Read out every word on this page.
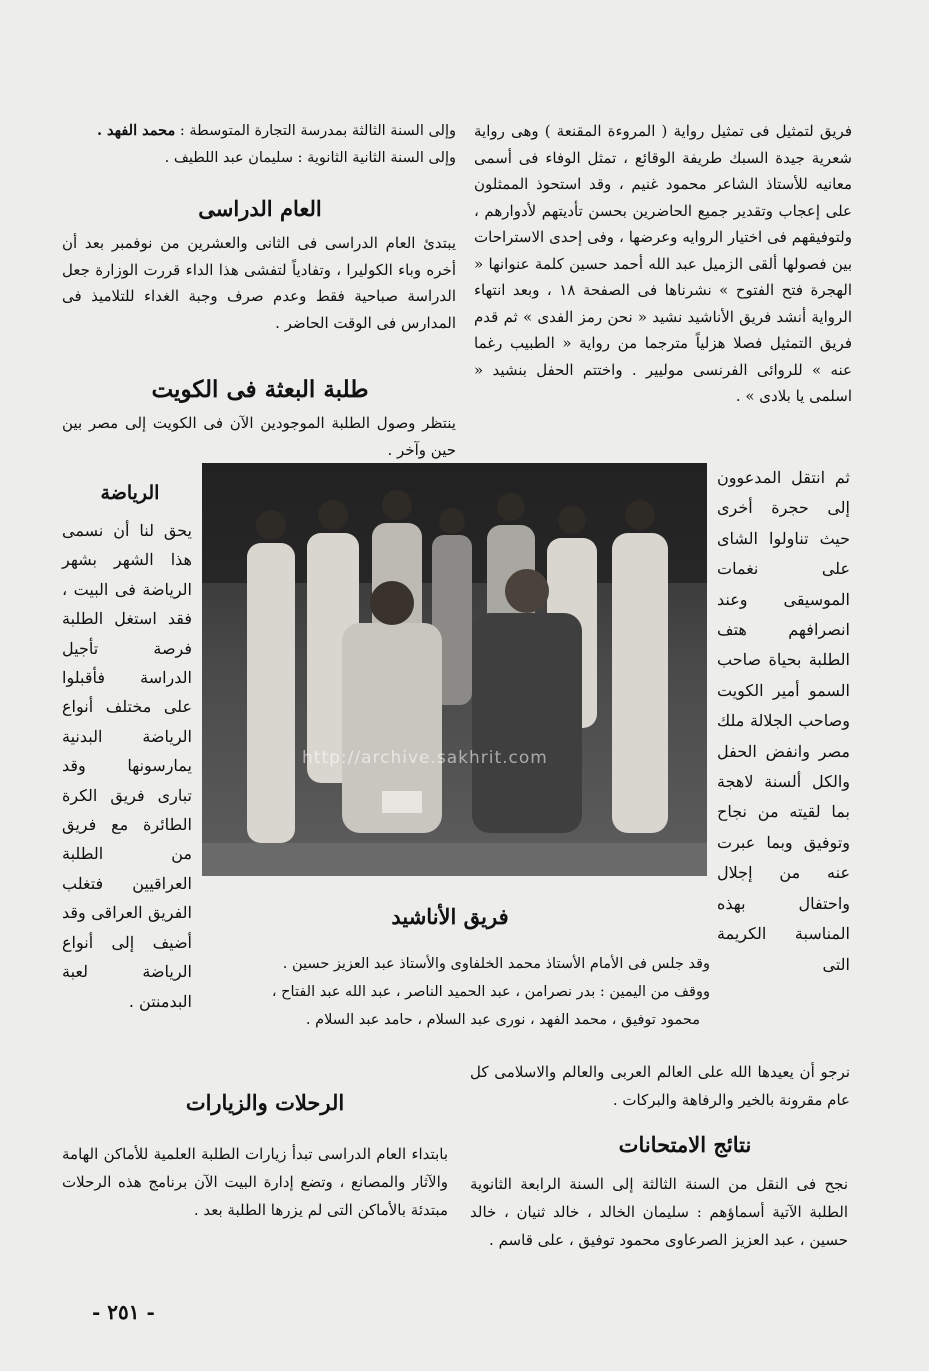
فريق لتمثيل فى تمثيل رواية ( المروءة المقنعة ) وهى رواية شعرية جيدة السبك طريفة الوقائع ، تمثل الوفاء فى أسمى معانيه للأستاذ الشاعر محمود غنيم ، وقد استحوذ الممثلون على إعجاب وتقدير جميع الحاضرين بحسن تأديتهم لأدوارهم ، ولتوفيقهم فى اختيار الروايه وعرضها ، وفى إحدى الاستراحات بين فصولها ألقى الزميل عبد الله أحمد حسين كلمة عنوانها « الهجرة فتح الفتوح » نشرناها فى الصفحة ١٨ ، وبعد انتهاء الرواية أنشد فريق الأناشيد نشيد « نحن رمز الفدى » ثم قدم فريق التمثيل فصلا هزلياً مترجما من رواية « الطبيب رغما عنه » للروائى الفرنسى موليير . واختتم الحفل بنشيد « اسلمى يا بلادى » .

وإلى السنة الثالثة بمدرسة التجارة المتوسطة : محمد الفهد .

وإلى السنة الثانية الثانوية : سليمان عبد اللطيف .

العام الدراسى

يبتدئ العام الدراسى فى الثانى والعشرين من نوفمبر بعد أن أخره وباء الكوليرا ، وتفادياً لتفشى هذا الداء قررت الوزارة جعل الدراسة صباحية فقط وعدم صرف وجبة الغداء للتلاميذ فى المدارس فى الوقت الحاضر .

طلبة البعثة فى الكويت

ينتظر وصول الطلبة الموجودين الآن فى الكويت إلى مصر بين حين وآخر .

الرياضة

يحق لنا أن نسمى هذا الشهر بشهر الرياضة فى البيت ، فقد استغل الطلبة فرصة تأجيل الدراسة فأقبلوا على مختلف أنواع الرياضة البدنية يمارسونها وقد تبارى فريق الكرة الطائرة مع فريق من الطلبة العراقيين فتغلب الفريق العراقى وقد أضيف إلى أنواع الرياضة لعبة البدمنتن .

http://archive.sakhrit.com

ثم انتقل المدعوون إلى حجرة أخرى حيث تناولوا الشاى على نغمات الموسيقى وعند انصرافهم هتف الطلبة بحياة صاحب السمو أمير الكويت وصاحب الجلالة ملك مصر وانفض الحفل والكل ألسنة لاهجة بما لقيته من نجاح وتوفيق وبما عبرت عنه من إجلال واحتفال بهذه المناسبة الكريمة التى

فريق الأناشيد

وقد جلس فى الأمام الأستاذ محمد الخلفاوى والأستاذ عبد العزيز حسين .

ووقف من اليمين : بدر نصرامن ، عبد الحميد الناصر ، عبد الله عبد الفتاح ،

محمود توفيق ، محمد الفهد ، نورى عبد السلام ، حامد عبد السلام .

نرجو أن يعيدها الله على العالم العربى والعالم والاسلامى كل عام مقرونة بالخير والرفاهة والبركات .

الرحلات والزيارات

بابتداء العام الدراسى تبدأ زيارات الطلبة العلمية للأماكن الهامة والآثار والمصانع ، وتضع إدارة البيت الآن برنامج هذه الرحلات مبتدئة بالأماكن التى لم يزرها الطلبة بعد .

نتائج الامتحانات

نجح فى النقل من السنة الثالثة إلى السنة الرابعة الثانوية الطلبة الآتية أسماؤهم : سليمان الخالد ، خالد ثنيان ، خالد حسين ، عبد العزيز الصرعاوى محمود توفيق ، على قاسم .

- ٢٥١ -
